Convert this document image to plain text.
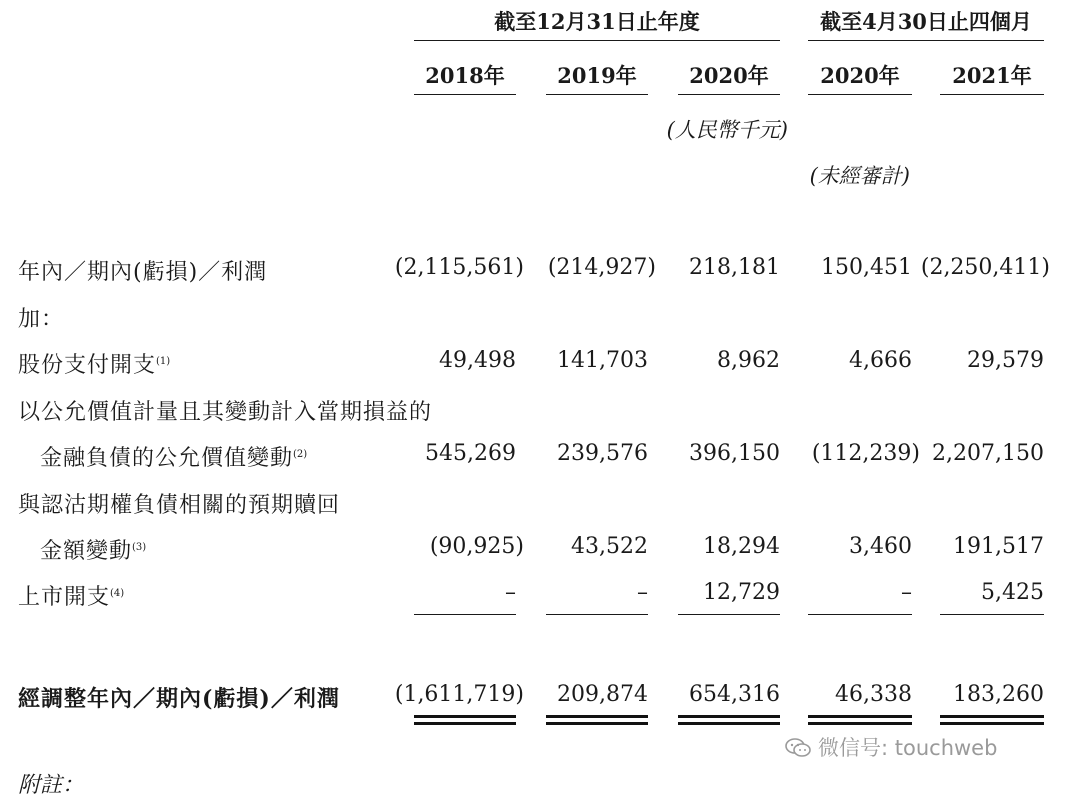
截至12月31日止年度	截至4月30日止四個月
2018年	2019年	2020年	2020年	2021年
(人民幣千元)
(未經審計)
年內／期內(虧損)／利潤	(2,115,561)	(214,927)	218,181	150,451 (2,250,411)
加：
股份支付開支$^{(1)}$	49,498	141,703	8,962	4,666	29,579
以公允價值計量且其變動計入當期損益的
金融負債的公允價值變動$^{(2)}$	545,269	239,576	396,150	(112,239) 2,207,150
與認沽期權負債相關的預期贖回
金額變動$^{(3)}$	(90,925)	43,522	18,294	3,460	191,517
上市開支$^{(4)}$	–	–	12,729	–	5,425
經調整年內／期內(虧損)／利潤	(1,611,719)	209,874	654,316	46,338	183,260
微信号: touchweb
附註：
